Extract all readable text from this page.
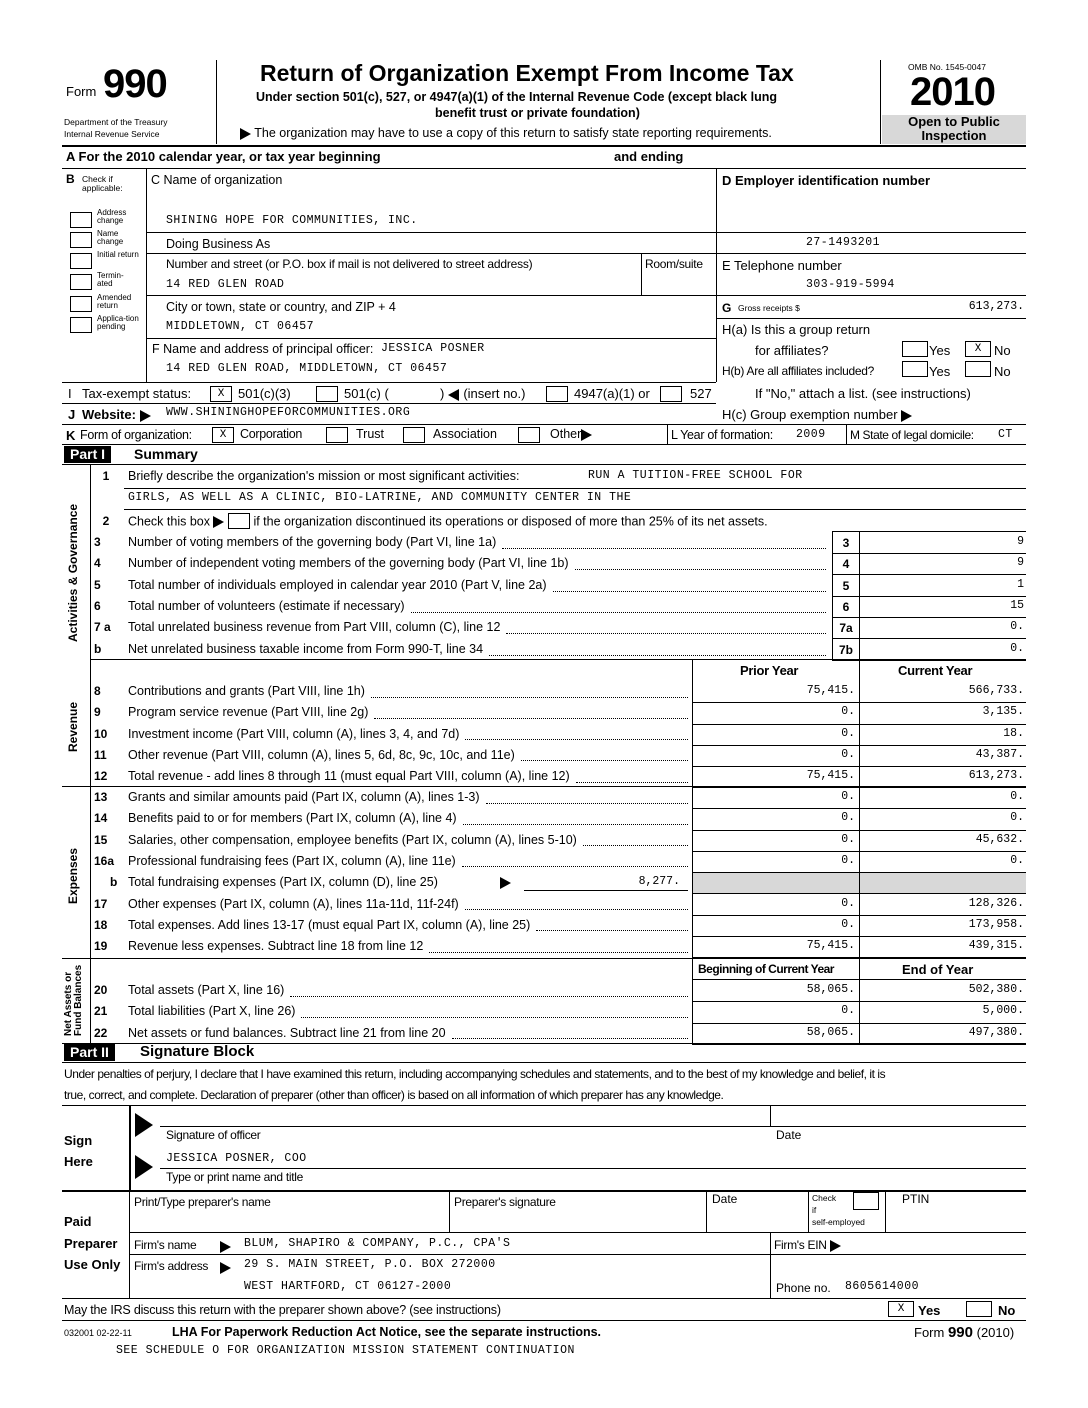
Form 990
Department of the Treasury
Internal Revenue Service
Return of Organization Exempt From Income Tax
Under section 501(c), 527, or 4947(a)(1) of the Internal Revenue Code (except black lung
benefit trust or private foundation)
The organization may have to use a copy of this return to satisfy state reporting requirements.
OMB No. 1545-0047
2010
Open to Public
Inspection
A For the 2010 calendar year, or tax year beginning	and ending
B Check if applicable:
Address change
Name change
Initial return
Termin-ated
Amended return
Applica-tion pending
C Name of organization
SHINING HOPE FOR COMMUNITIES, INC.
Doing Business As
Number and street (or P.O. box if mail is not delivered to street address)	Room/suite
14 RED GLEN ROAD
City or town, state or country, and ZIP + 4
MIDDLETOWN, CT 06457
F Name and address of principal officer: JESSICA POSNER
14 RED GLEN ROAD, MIDDLETOWN, CT 06457
D Employer identification number
27-1493201
E Telephone number
303-919-5994
G Gross receipts $	613,273.
H(a) Is this a group return
for affiliates?	Yes	X No
H(b) Are all affiliates included?	Yes	No
If "No," attach a list. (see instructions)
I Tax-exempt status:	X	501(c)(3)	501(c) (	) (insert no.)	4947(a)(1) or	527
J Website:	WWW.SHININGHOPEFORCOMMUNITIES.ORG	H(c) Group exemption number
K Form of organization:	X	Corporation	Trust	Association	Other	L Year of formation: 2009 M State of legal domicile: CT
Part I	Summary
Activities & Governance
Revenue
Expenses
Net Assets or Fund Balances
1	Briefly describe the organization's mission or most significant activities:	RUN A TUITION-FREE SCHOOL FOR
GIRLS, AS WELL AS A CLINIC, BIO-LATRINE, AND COMMUNITY CENTER IN THE
2	Check this box	if the organization discontinued its operations or disposed of more than 25% of its net assets.
3	Number of voting members of the governing body (Part VI, line 1a)	3	9
4	Number of independent voting members of the governing body (Part VI, line 1b)	4	9
5	Total number of individuals employed in calendar year 2010 (Part V, line 2a)	5	1
6	Total number of volunteers (estimate if necessary)	6	15
7 a	Total unrelated business revenue from Part VIII, column (C), line 12	7a	0.
b	Net unrelated business taxable income from Form 990-T, line 34	7b	0.
Prior Year	Current Year
8	Contributions and grants (Part VIII, line 1h)	75,415.	566,733.
9	Program service revenue (Part VIII, line 2g)	0.	3,135.
10	Investment income (Part VIII, column (A), lines 3, 4, and 7d)	0.	18.
11	Other revenue (Part VIII, column (A), lines 5, 6d, 8c, 9c, 10c, and 11e)	0.	43,387.
12	Total revenue - add lines 8 through 11 (must equal Part VIII, column (A), line 12)	75,415.	613,273.
13	Grants and similar amounts paid (Part IX, column (A), lines 1-3)	0.	0.
14	Benefits paid to or for members (Part IX, column (A), line 4)	0.	0.
15	Salaries, other compensation, employee benefits (Part IX, column (A), lines 5-10)	0.	45,632.
16a	Professional fundraising fees (Part IX, column (A), line 11e)	0.	0.
b Total fundraising expenses (Part IX, column (D), line 25)	8,277.
17	Other expenses (Part IX, column (A), lines 11a-11d, 11f-24f)	0.	128,326.
18	Total expenses. Add lines 13-17 (must equal Part IX, column (A), line 25)	0.	173,958.
19	Revenue less expenses. Subtract line 18 from line 12	75,415.	439,315.
Beginning of Current Year	End of Year
20	Total assets (Part X, line 16)	58,065.	502,380.
21	Total liabilities (Part X, line 26)	0.	5,000.
22	Net assets or fund balances. Subtract line 21 from line 20	58,065.	497,380.
Part II	Signature Block
Under penalties of perjury, I declare that I have examined this return, including accompanying schedules and statements, and to the best of my knowledge and belief, it is
true, correct, and complete. Declaration of preparer (other than officer) is based on all information of which preparer has any knowledge.
Sign
Here
Signature of officer	Date
JESSICA POSNER, COO
Type or print name and title
Paid
Preparer
Use Only
Print/Type preparer's name	Preparer's signature	Date	Check
if
self-employed
PTIN
Firm's name	BLUM, SHAPIRO & COMPANY, P.C., CPA'S	Firm's EIN
Firm's address	29 S. MAIN STREET, P.O. BOX 272000
WEST HARTFORD, CT 06127-2000	Phone no. 8605614000
May the IRS discuss this return with the preparer shown above? (see instructions)	X	Yes	No
032001 02-22-11	LHA For Paperwork Reduction Act Notice, see the separate instructions.	Form 990 (2010)
SEE SCHEDULE O FOR ORGANIZATION MISSION STATEMENT CONTINUATION
